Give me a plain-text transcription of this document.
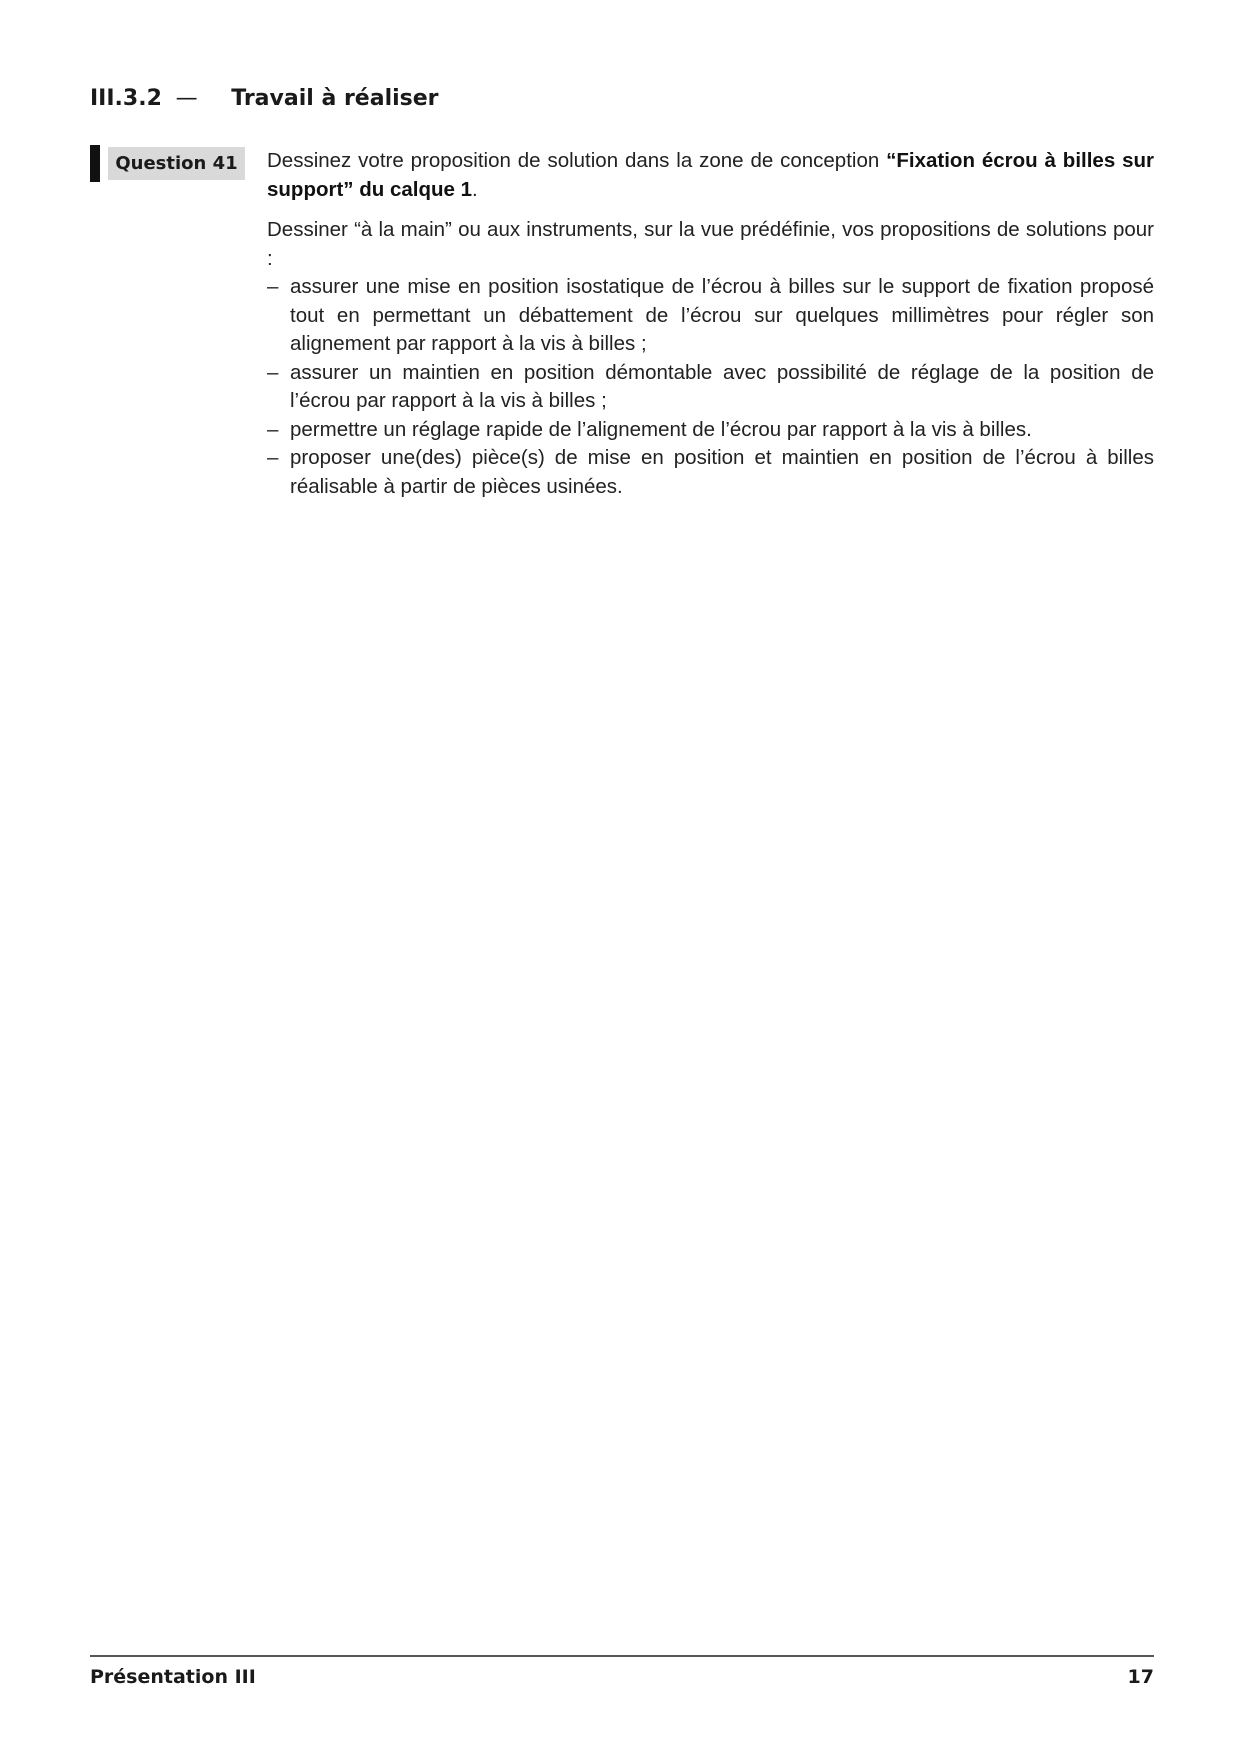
III.3.2 — Travail à réaliser
Question 41	Dessinez votre proposition de solution dans la zone de conception “Fixation écrou à billes sur support” du calque 1.

Dessiner “à la main” ou aux instruments, sur la vue prédéfinie, vos propositions de solutions pour :

– assurer une mise en position isostatique de l’écrou à billes sur le support de fixation proposé tout en permettant un débattement de l’écrou sur quelques millimètres pour régler son alignement par rapport à la vis à billes ;
– assurer un maintien en position démontable avec possibilité de réglage de la position de l’écrou par rapport à la vis à billes ;
– permettre un réglage rapide de l’alignement de l’écrou par rapport à la vis à billes.
– proposer une(des) pièce(s) de mise en position et maintien en position de l’écrou à billes réalisable à partir de pièces usinées.
Présentation III	17
